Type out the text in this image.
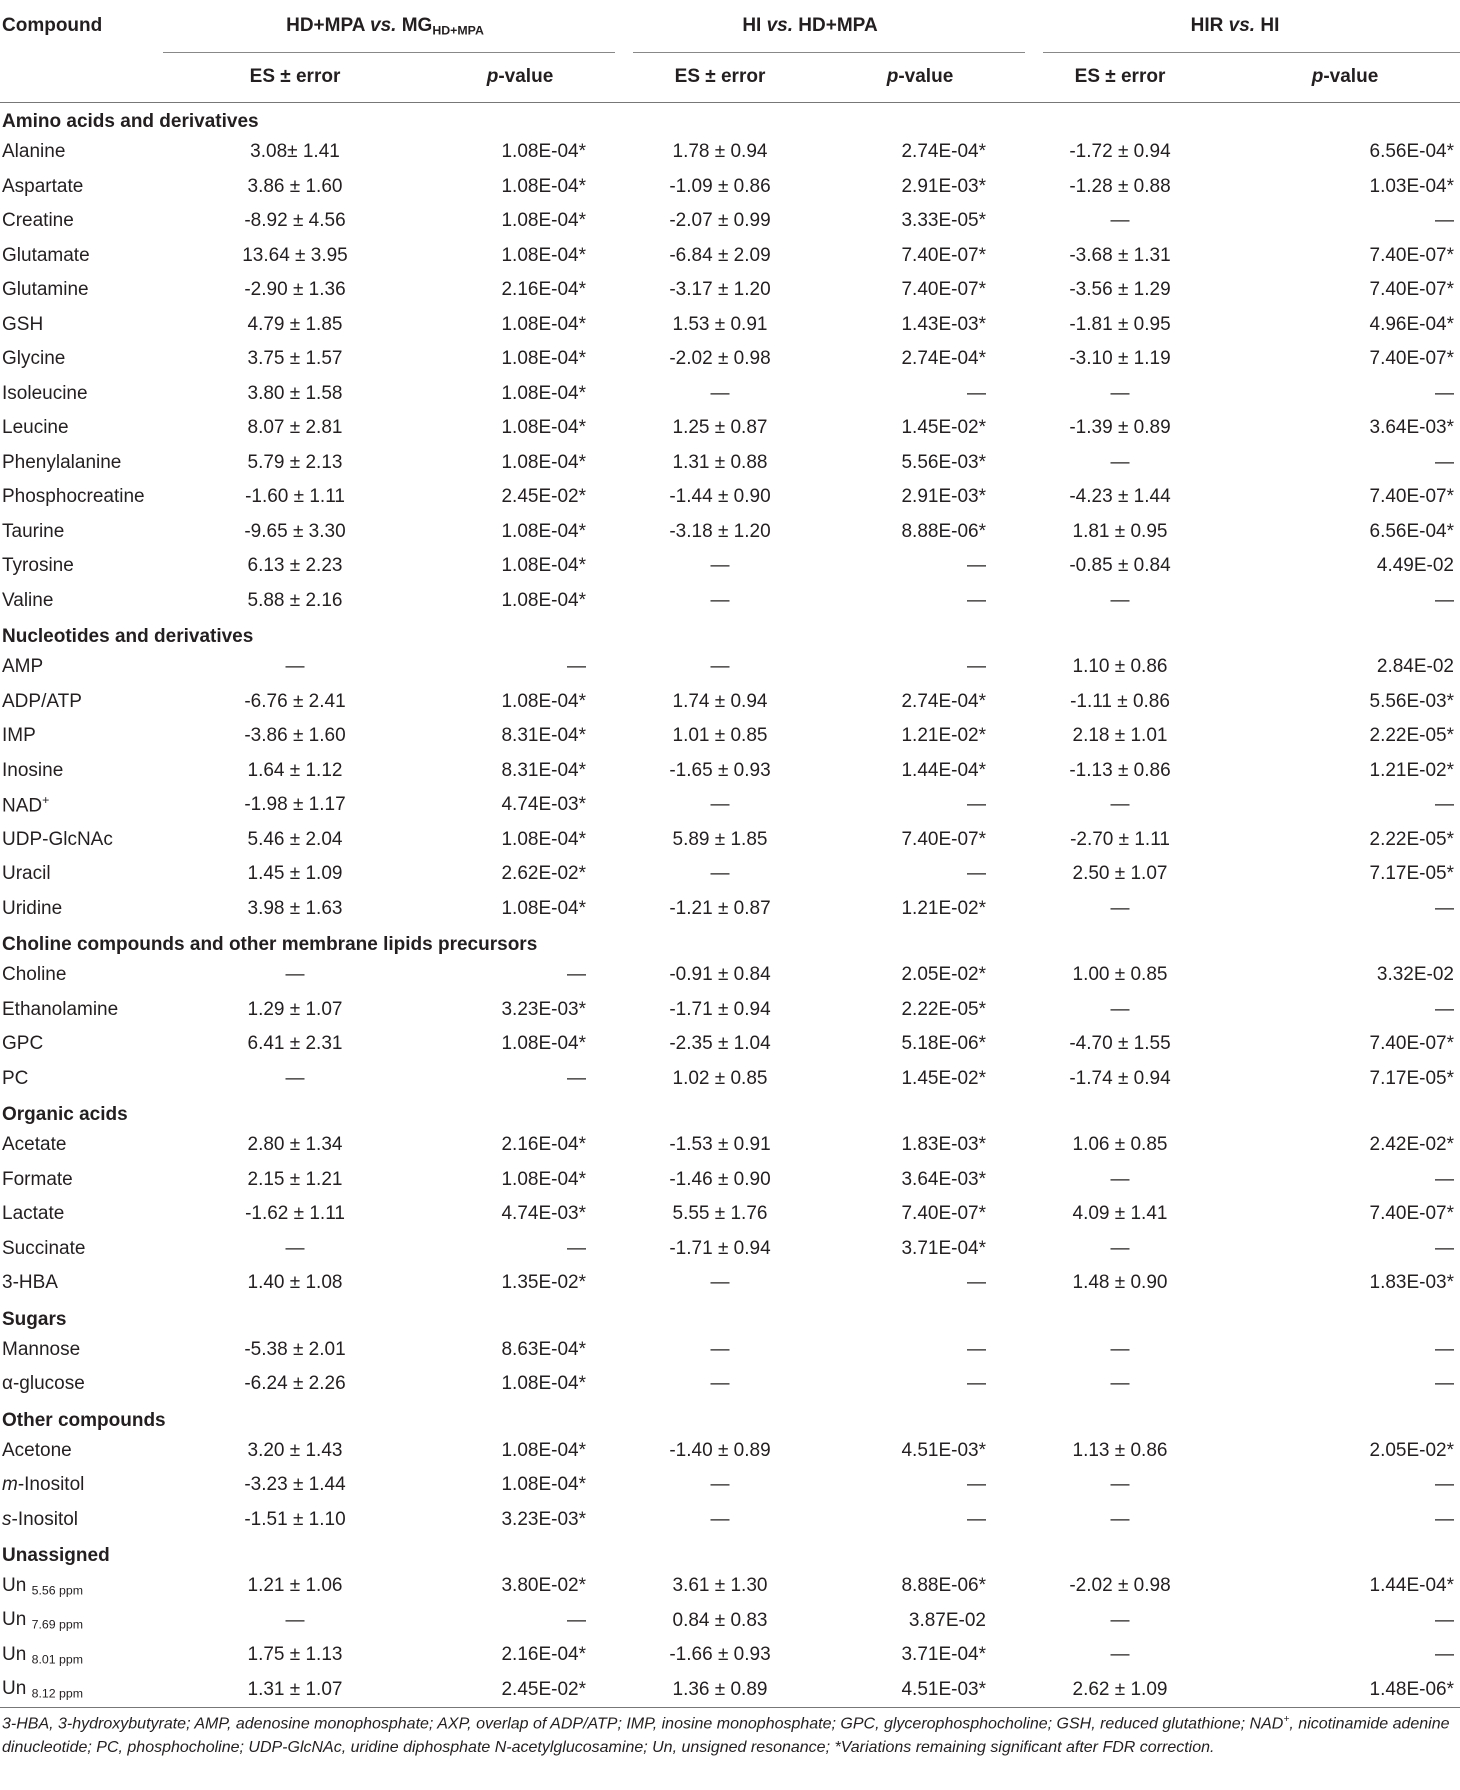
Compound	HD+MPA vs. $MG_{HD+MPA}$		HI vs. HD+MPA		HIR vs. HI	
	ES ± error	p-value	ES ± error	p-value	ES ± error	p-value
Amino acids and derivatives						
Alanine	3.08± 1.41	1.08E-04*	1.78 ± 0.94	2.74E-04*	-1.72 ± 0.94	6.56E-04*
Aspartate	3.86 ± 1.60	1.08E-04*	-1.09 ± 0.86	2.91E-03*	-1.28 ± 0.88	1.03E-04*
Creatine	-8.92 ± 4.56	1.08E-04*	-2.07 ± 0.99	3.33E-05*	—	—
Glutamate	13.64 ± 3.95	1.08E-04*	-6.84 ± 2.09	7.40E-07*	-3.68 ± 1.31	7.40E-07*
Glutamine	-2.90 ± 1.36	2.16E-04*	-3.17 ± 1.20	7.40E-07*	-3.56 ± 1.29	7.40E-07*
GSH	4.79 ± 1.85	1.08E-04*	1.53 ± 0.91	1.43E-03*	-1.81 ± 0.95	4.96E-04*
Glycine	3.75 ± 1.57	1.08E-04*	-2.02 ± 0.98	2.74E-04*	-3.10 ± 1.19	7.40E-07*
Isoleucine	3.80 ± 1.58	1.08E-04*	—	—	—	—
Leucine	8.07 ± 2.81	1.08E-04*	1.25 ± 0.87	1.45E-02*	-1.39 ± 0.89	3.64E-03*
Phenylalanine	5.79 ± 2.13	1.08E-04*	1.31 ± 0.88	5.56E-03*	—	—
Phosphocreatine	-1.60 ± 1.11	2.45E-02*	-1.44 ± 0.90	2.91E-03*	-4.23 ± 1.44	7.40E-07*
Taurine	-9.65 ± 3.30	1.08E-04*	-3.18 ± 1.20	8.88E-06*	1.81 ± 0.95	6.56E-04*
Tyrosine	6.13 ± 2.23	1.08E-04*	—	—	-0.85 ± 0.84	4.49E-02
Valine	5.88 ± 2.16	1.08E-04*	—	—	—	—
Nucleotides and derivatives						
AMP	—	—	—	—	1.10 ± 0.86	2.84E-02
ADP/ATP	-6.76 ± 2.41	1.08E-04*	1.74 ± 0.94	2.74E-04*	-1.11 ± 0.86	5.56E-03*
IMP	-3.86 ± 1.60	8.31E-04*	1.01 ± 0.85	1.21E-02*	2.18 ± 1.01	2.22E-05*
Inosine	1.64 ± 1.12	8.31E-04*	-1.65 ± 0.93	1.44E-04*	-1.13 ± 0.86	1.21E-02*
NAD+	-1.98 ± 1.17	4.74E-03*	—	—	—	—
UDP-GlcNAc	5.46 ± 2.04	1.08E-04*	5.89 ± 1.85	7.40E-07*	-2.70 ± 1.11	2.22E-05*
Uracil	1.45 ± 1.09	2.62E-02*	—	—	2.50 ± 1.07	7.17E-05*
Uridine	3.98 ± 1.63	1.08E-04*	-1.21 ± 0.87	1.21E-02*	—	—
Choline compounds and other membrane lipids precursors						
Choline	—	—	-0.91 ± 0.84	2.05E-02*	1.00 ± 0.85	3.32E-02
Ethanolamine	1.29 ± 1.07	3.23E-03*	-1.71 ± 0.94	2.22E-05*	—	—
GPC	6.41 ± 2.31	1.08E-04*	-2.35 ± 1.04	5.18E-06*	-4.70 ± 1.55	7.40E-07*
PC	—	—	1.02 ± 0.85	1.45E-02*	-1.74 ± 0.94	7.17E-05*
Organic acids						
Acetate	2.80 ± 1.34	2.16E-04*	-1.53 ± 0.91	1.83E-03*	1.06 ± 0.85	2.42E-02*
Formate	2.15 ± 1.21	1.08E-04*	-1.46 ± 0.90	3.64E-03*	—	—
Lactate	-1.62 ± 1.11	4.74E-03*	5.55 ± 1.76	7.40E-07*	4.09 ± 1.41	7.40E-07*
Succinate	—	—	-1.71 ± 0.94	3.71E-04*	—	—
3-HBA	1.40 ± 1.08	1.35E-02*	—	—	1.48 ± 0.90	1.83E-03*
Sugars						
Mannose	-5.38 ± 2.01	8.63E-04*	—	—	—	—
α-glucose	-6.24 ± 2.26	1.08E-04*	—	—	—	—
Other compounds						
Acetone	3.20 ± 1.43	1.08E-04*	-1.40 ± 0.89	4.51E-03*	1.13 ± 0.86	2.05E-02*
m-Inositol	-3.23 ± 1.44	1.08E-04*	—	—	—	—
s-Inositol	-1.51 ± 1.10	3.23E-03*	—	—	—	—
Unassigned						
Un $_{5.56 ppm}$	1.21 ± 1.06	3.80E-02*	3.61 ± 1.30	8.88E-06*	-2.02 ± 0.98	1.44E-04*
Un $_{7.69 ppm}$	—	—	0.84 ± 0.83	3.87E-02	—	—
Un $_{8.01 ppm}$	1.75 ± 1.13	2.16E-04*	-1.66 ± 0.93	3.71E-04*	—	—
Un $_{8.12 ppm}$	1.31 ± 1.07	2.45E-02*	1.36 ± 0.89	4.51E-03*	2.62 ± 1.09	1.48E-06*
3-HBA, 3-hydroxybutyrate; AMP, adenosine monophosphate; AXP, overlap of ADP/ATP; IMP, inosine monophosphate; GPC, glycerophosphocholine; GSH, reduced glutathione; NAD+, nicotinamide adenine dinucleotide; PC, phosphocholine; UDP-GlcNAc, uridine diphosphate N-acetylglucosamine; Un, unsigned resonance; *Variations remaining significant after FDR correction.
